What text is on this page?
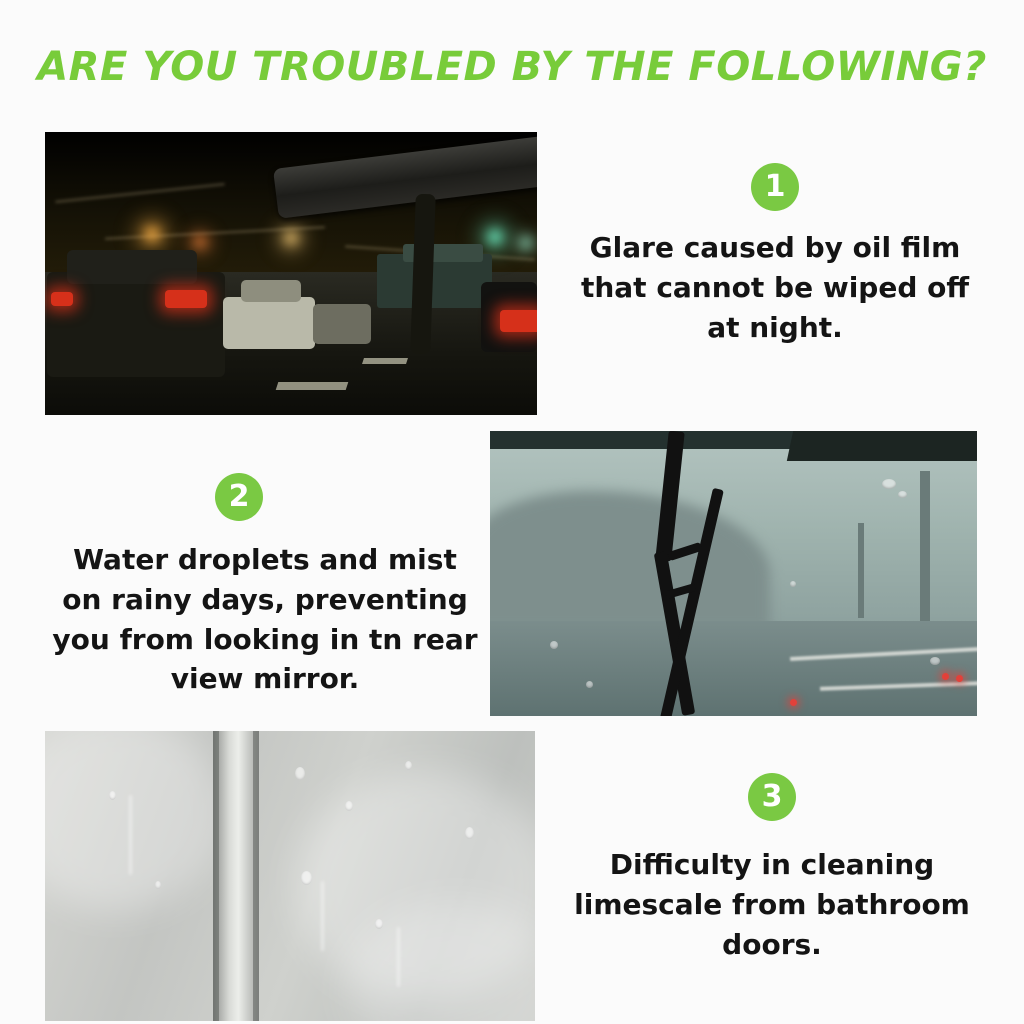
ARE YOU TROUBLED BY THE FOLLOWING?
1
Glare caused by oil film that cannot be wiped off at night.
2
Water droplets and mist on rainy days, preventing you from looking in tn rear view mirror.
3
Difficulty in cleaning limescale from bathroom doors.
